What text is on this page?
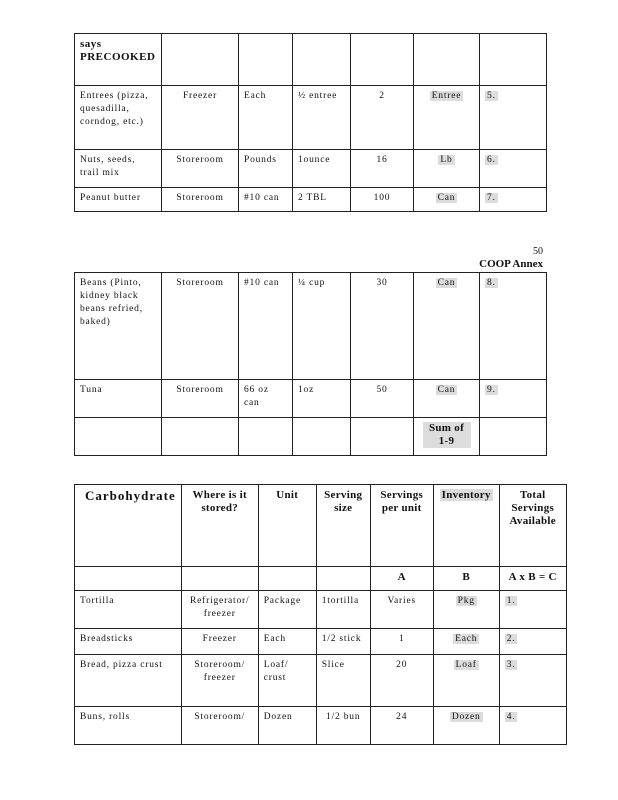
says PRECOOKED						
Entrees (pizza, quesadilla, corndog, etc.)	Freezer	Each	½ entree	2	Entree	5.
Nuts, seeds, trail mix	Storeroom	Pounds	1ounce	16	Lb	6.
Peanut butter	Storeroom	#10 can	2 TBL	100	Can	7.
50
COOP Annex
Beans (Pinto, kidney black beans refried, baked)	Storeroom	#10 can	¼ cup	30	Can	8.
Tuna	Storeroom	66 oz can	1oz	50	Can	9.
					Sum of 1-9	
Carbohydrate	Where is it stored?	Unit	Serving size	Servings per unit	Inventory	Total Servings Available
				A	B	A x B = C
Tortilla	Refrigerator/ freezer	Package	1tortilla	Varies	Pkg	1.
Breadsticks	Freezer	Each	1/2 stick	1	Each	2.
Bread, pizza crust	Storeroom/ freezer	Loaf/ crust	Slice	20	Loaf	3.
Buns, rolls	Storeroom/	Dozen	1/2 bun	24	Dozen	4.
